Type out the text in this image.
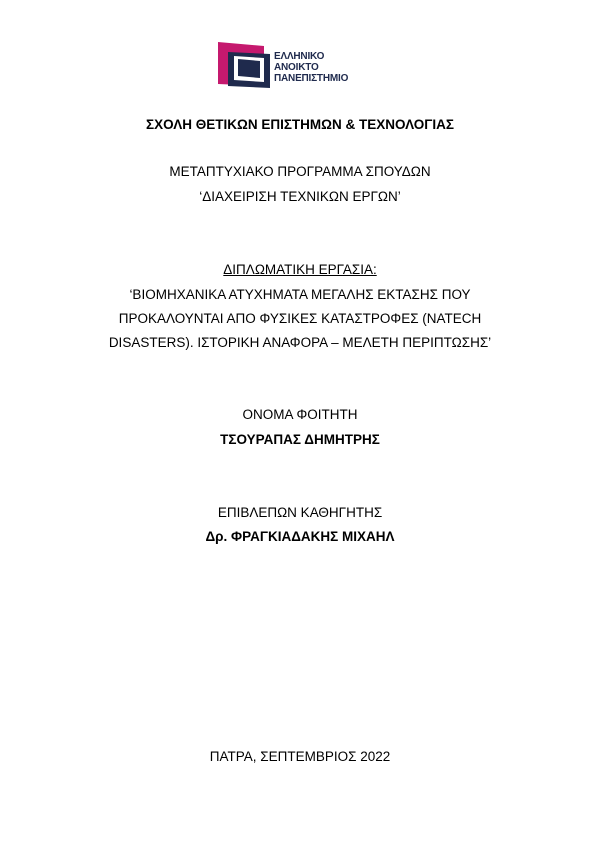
ΕΛΛΗΝΙΚΟ
ΑΝΟΙΚΤΟ
ΠΑΝΕΠΙΣΤΗΜΙΟ
ΣΧΟΛΗ ΘΕΤΙΚΩΝ ΕΠΙΣΤΗΜΩΝ & ΤΕΧΝΟΛΟΓΙΑΣ
ΜΕΤΑΠΤΥΧΙΑΚΟ ΠΡΟΓΡΑΜΜΑ ΣΠΟΥΔΩΝ
‘ΔΙΑΧΕΙΡΙΣΗ ΤΕΧΝΙΚΩΝ ΕΡΓΩΝ’
ΔΙΠΛΩΜΑΤΙΚΗ ΕΡΓΑΣΙΑ:
‘ΒΙΟΜΗΧΑΝΙΚΑ ΑΤΥΧΗΜΑΤΑ ΜΕΓΑΛΗΣ ΕΚΤΑΣΗΣ ΠΟΥ
ΠΡΟΚΑΛΟΥΝΤΑΙ ΑΠΟ ΦΥΣΙΚΕΣ ΚΑΤΑΣΤΡΟΦΕΣ (NATECH
DISASTERS). ΙΣΤΟΡΙΚΗ ΑΝΑΦΟΡΑ – ΜΕΛΕΤΗ ΠΕΡΙΠΤΩΣΗΣ’
ΟΝΟΜΑ ΦΟΙΤΗΤΗ
ΤΣΟΥΡΑΠΑΣ ΔΗΜΗΤΡΗΣ
ΕΠΙΒΛΕΠΩΝ ΚΑΘΗΓΗΤΗΣ
Δρ. ΦΡΑΓΚΙΑΔΑΚΗΣ ΜΙΧΑΗΛ
ΠΑΤΡΑ, ΣΕΠΤΕΜΒΡΙΟΣ 2022
